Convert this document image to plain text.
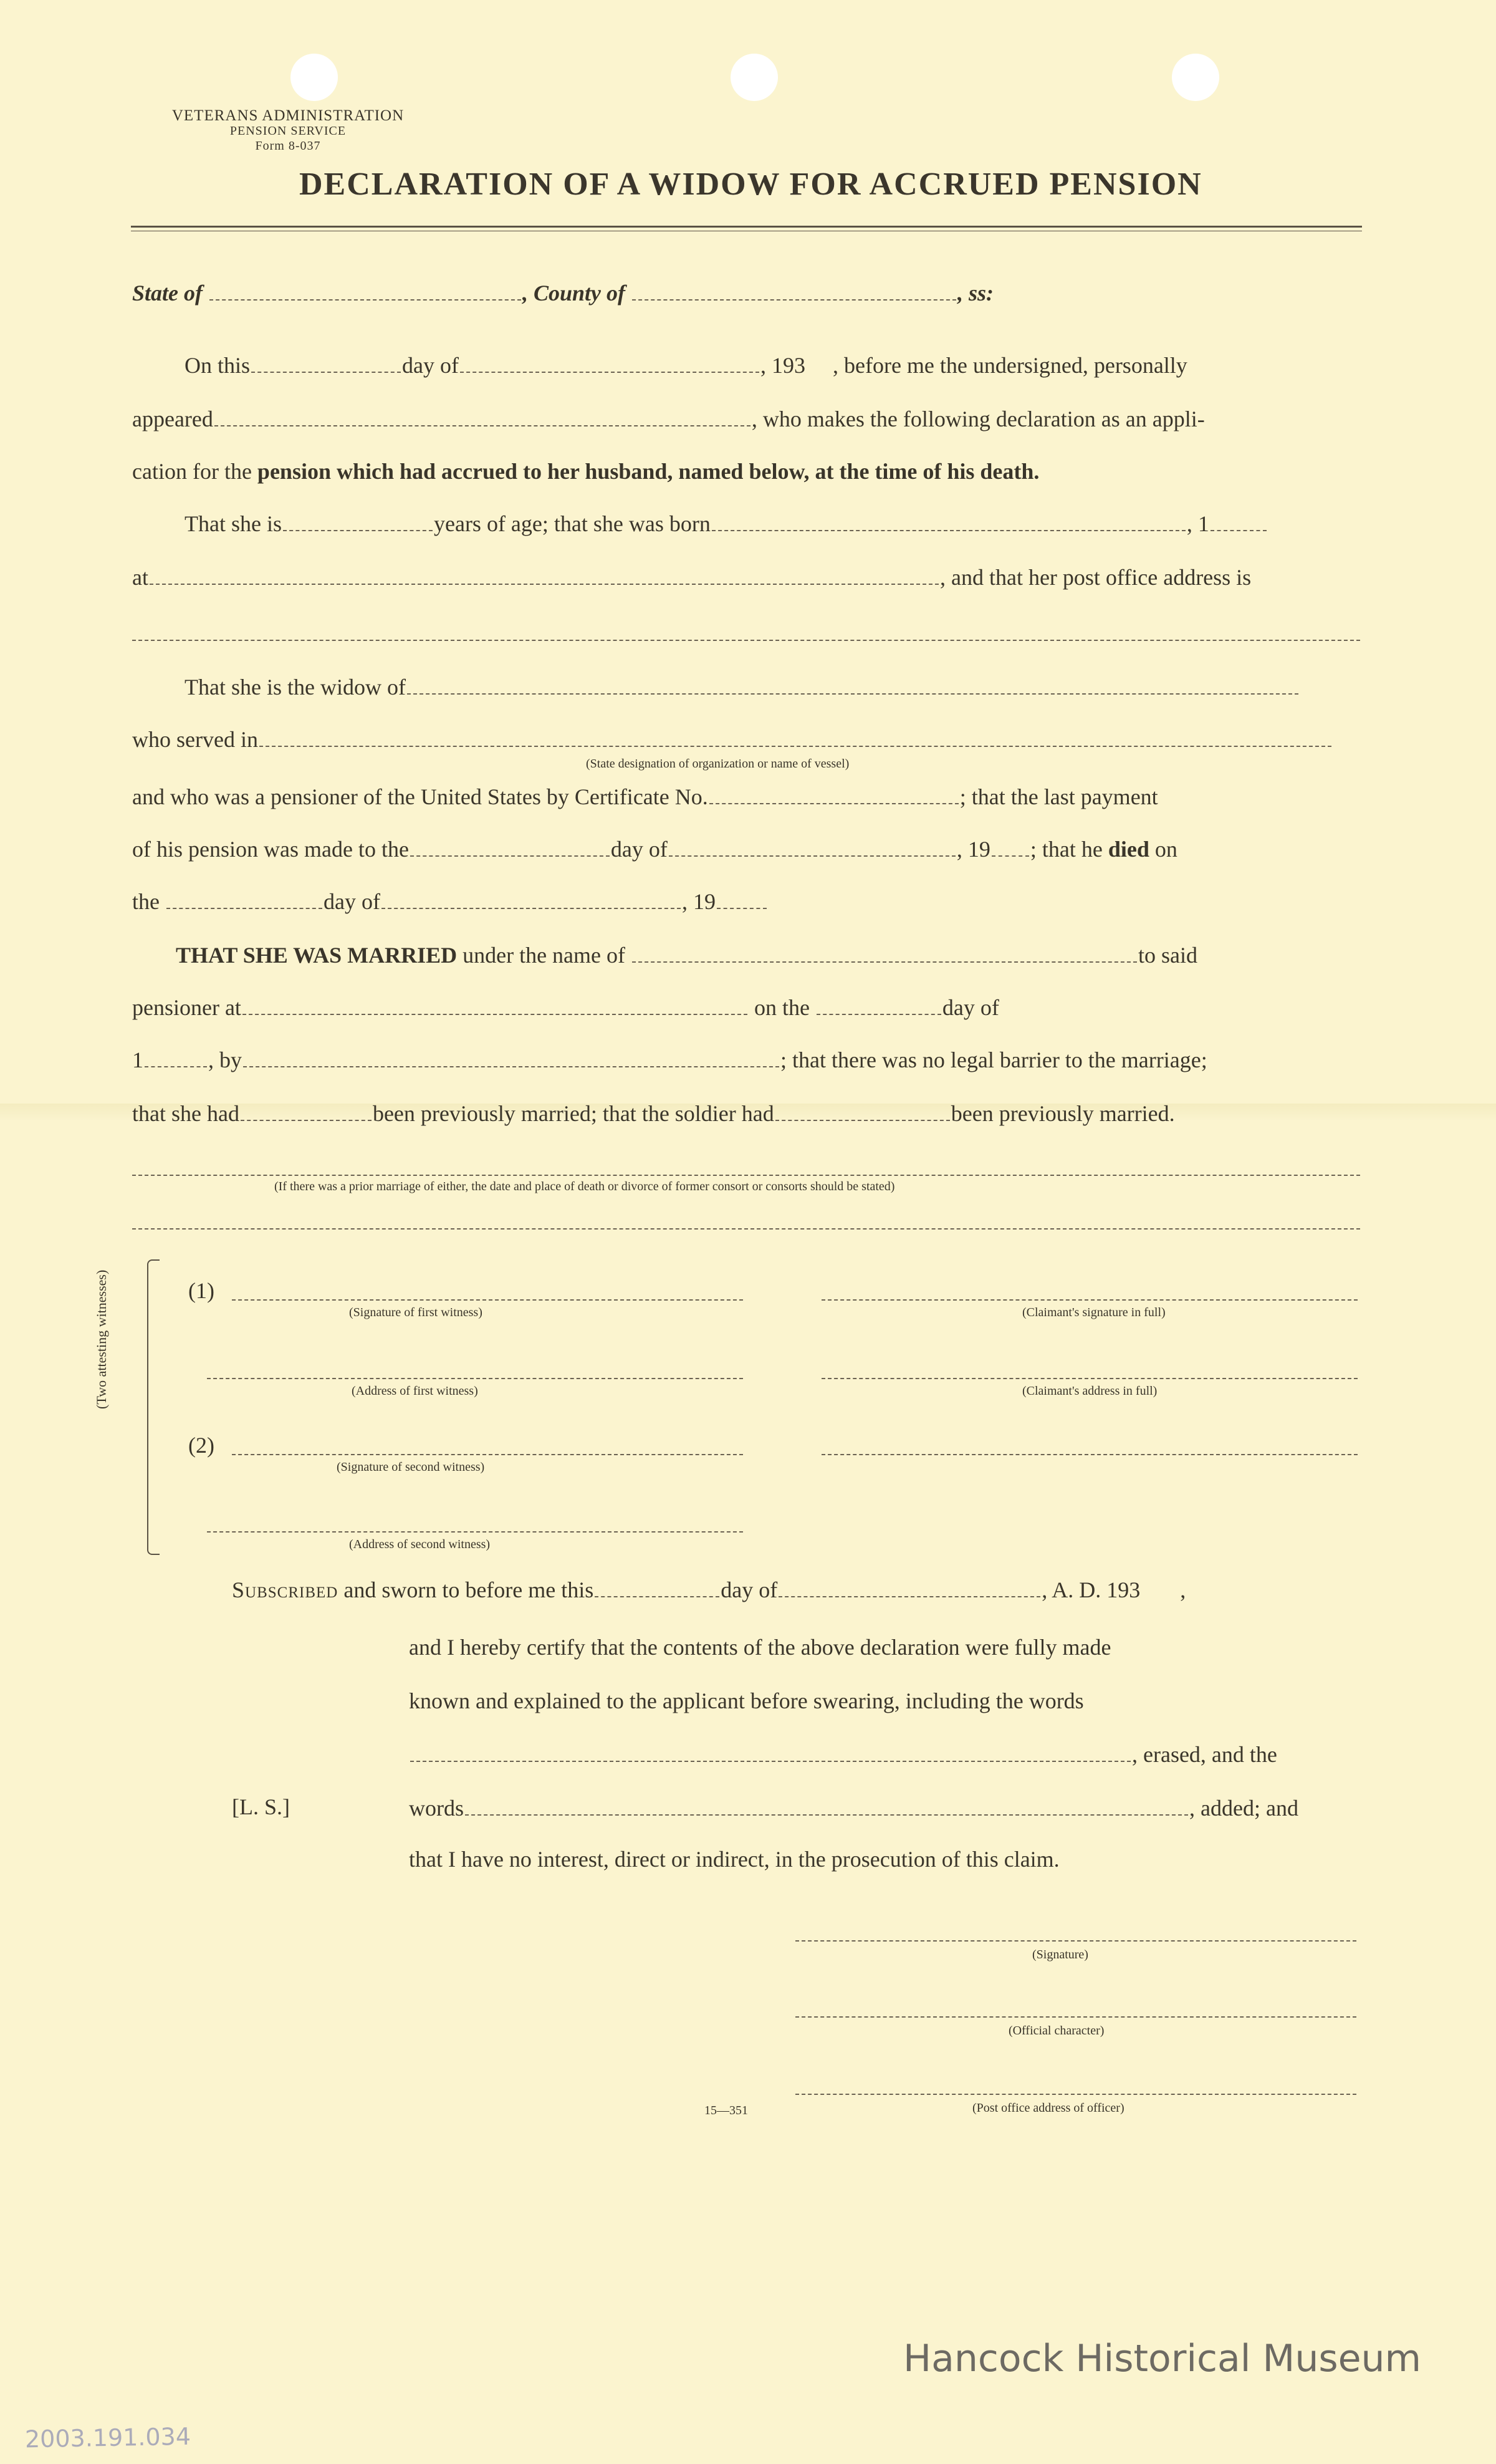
VETERANS ADMINISTRATION
PENSION SERVICE
Form 8-037
DECLARATION OF A WIDOW FOR ACCRUED PENSION
State of	, County of	, ss:
On this	day of	, 193 , before me the undersigned, personally
appeared	, who makes the following declaration as an appli-
cation for the pension which had accrued to her husband, named below, at the time of his death.
That she is	years of age; that she was born	, 1
at	, and that her post office address is
That she is the widow of
who served in
(State designation of organization or name of vessel)
and who was a pensioner of the United States by Certificate No.	; that the last payment
of his pension was made to the	day of	, 19 ; that he died on
the	day of	, 19
THAT SHE WAS MARRIED under the name of	to said
pensioner at	on the	day of
1	, by	; that there was no legal barrier to the marriage;
that she had	been previously married; that the soldier had	been previously married.
(If there was a prior marriage of either, the date and place of death or divorce of former consort or consorts should be stated)
(Two attesting witnesses)	(1)
(Signature of first witness)	(Claimant's signature in full)
(Address of first witness)	(Claimant's address in full)
(2)
(Signature of second witness)
(Address of second witness)
Subscribed and sworn to before me this	day of	, A. D. 193 ,
and I hereby certify that the contents of the above declaration were fully made
known and explained to the applicant before swearing, including the words
, erased, and the
[L. S.]	words	, added; and
that I have no interest, direct or indirect, in the prosecution of this claim.
(Signature)
(Official character)
(Post office address of officer)
15—351
Hancock Historical Museum
2003.191.034
